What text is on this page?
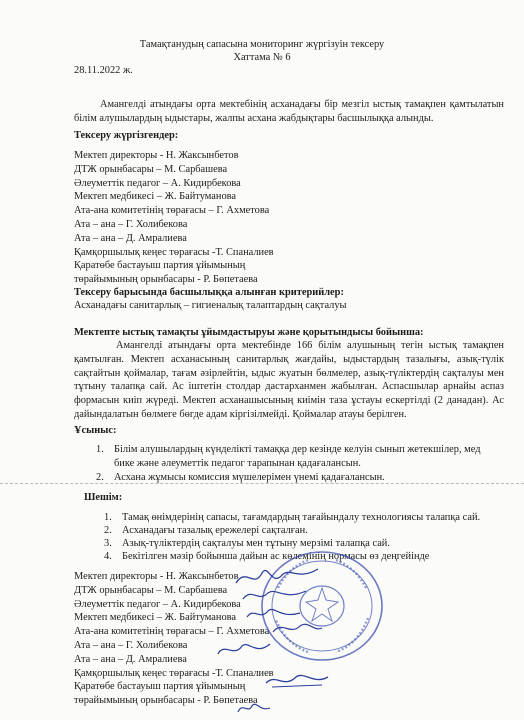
Тамақтанудың сапасына мониторинг жүргізуін тексеру
Хаттама № 6
28.11.2022 ж.
Амангелді атындағы орта мектебінің асханадағы бір мезгіл ыстық тамақпен қамтылатын білім алушылардың ыдыстары, жалпы асхана жабдықтары басшылыққа алынды.
Тексеру жүргізгендер:
Мектеп директоры - Н. Жаксынбетов
ДТЖ орынбасары – М. Сарбашева
Әлеуметтік педагог – А. Кидирбекова
Мектеп медбикесі – Ж. Байтуманова
Ата-ана комитетінің төрағасы – Г. Ахметова
Ата – ана – Г. Холибекова
Ата – ана – Д. Амралиева
Қамқоршылық кеңес төрағасы -Т. Спаналиев
Қаратөбе бастауыш партия ұйымының
төрайымының орынбасары - Р. Бөпетаева
Тексеру барысында басшылыққа алынған критерийлер:
Асханадағы санитарлық – гигиеналық талаптардың сақталуы
Мектепте ыстық тамақты ұйымдастыруы және қорытындысы бойынша:
Амангелді атындағы орта мектебінде 166 білім алушының тегін ыстық тамақпен қамтылған. Мектеп асханасының санитарлық жағдайы, ыдыстардың тазалығы, азық-түлік сақтайтын қоймалар, тағам әзірлейтін, ыдыс жуатын бөлмелер, азық-түліктердің сақталуы мен тұтыну талапқа сай. Ас іштетін столдар дастарханмен жабылған. Аспасшылар арнайы аспаз формасын киіп жүреді. Мектеп асханашысының киімін таза ұстауы ескертілді (2 данадан). Ас дайындалатын бөлмеге бөгде адам кіргізілмейді. Қоймалар атауы берілген.
Ұсыныс:
1. Білім алушылардың күнделікті тамаққа дер кезінде келуін сынып жетекшілер, мед бике және әлеуметтік педагог тарапынан қадағалансын.
2. Асхана жұмысы комиссия мүшелерімен үнемі қадағалансын.
Шешім:
1. Тамақ өнімдерінің сапасы, тағамдардың тағайындалу технологиясы талапқа сай.
2. Асханадағы тазалық ережелері сақталған.
3. Азық-түліктердің сақталуы мен тұтыну мерзімі талапқа сай.
4. Бекітілген мәзір бойынша дайын ас көлемінің нормасы өз деңгейінде
Мектеп директоры - Н. Жаксынбетов
ДТЖ орынбасары – М. Сарбашева
Әлеуметтік педагог – А. Кидирбекова
Мектеп медбикесі – Ж. Байтуманова
Ата-ана комитетінің төрағасы – Г. Ахметова
Ата – ана – Г. Холибекова
Ата – ана – Д. Амралиева
Қамқоршылық кеңес төрағасы -Т. Спаналиев
Қаратөбе бастауыш партия ұйымының
төрайымының орынбасары - Р. Бөпетаева
